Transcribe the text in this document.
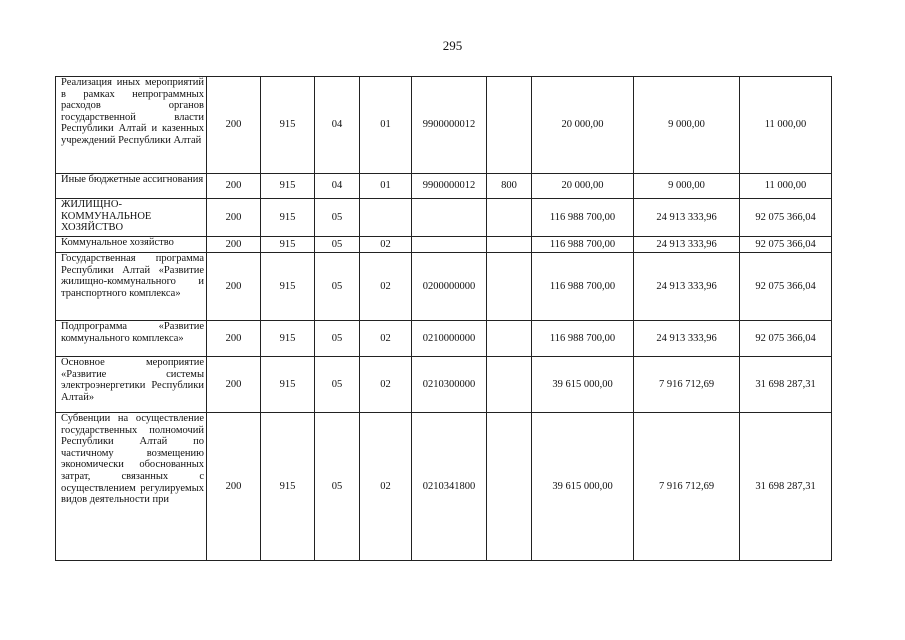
295
Реализация иных мероприятий в рамках непрограммных расходов органов государственной власти Республики Алтай и казенных учреждений Республики Алтай	200	915	04	01	9900000012		20 000,00	9 000,00	11 000,00
Иные бюджетные ассигнования	200	915	04	01	9900000012	800	20 000,00	9 000,00	11 000,00
ЖИЛИЩНО-КОММУНАЛЬНОЕ ХОЗЯЙСТВО	200	915	05				116 988 700,00	24 913 333,96	92 075 366,04
Коммунальное хозяйство	200	915	05	02			116 988 700,00	24 913 333,96	92 075 366,04
Государственная программа Республики Алтай «Развитие жилищно-коммунального и транспортного комплекса»	200	915	05	02	0200000000		116 988 700,00	24 913 333,96	92 075 366,04
Подпрограмма «Развитие коммунального комплекса»	200	915	05	02	0210000000		116 988 700,00	24 913 333,96	92 075 366,04
Основное мероприятие «Развитие системы электроэнергетики Республики Алтай»	200	915	05	02	0210300000		39 615 000,00	7 916 712,69	31 698 287,31
Субвенции на осуществление государственных полномочий Республики Алтай по частичному возмещению экономически обоснованных затрат, связанных с осуществлением регулируемых видов деятельности при	200	915	05	02	0210341800		39 615 000,00	7 916 712,69	31 698 287,31
